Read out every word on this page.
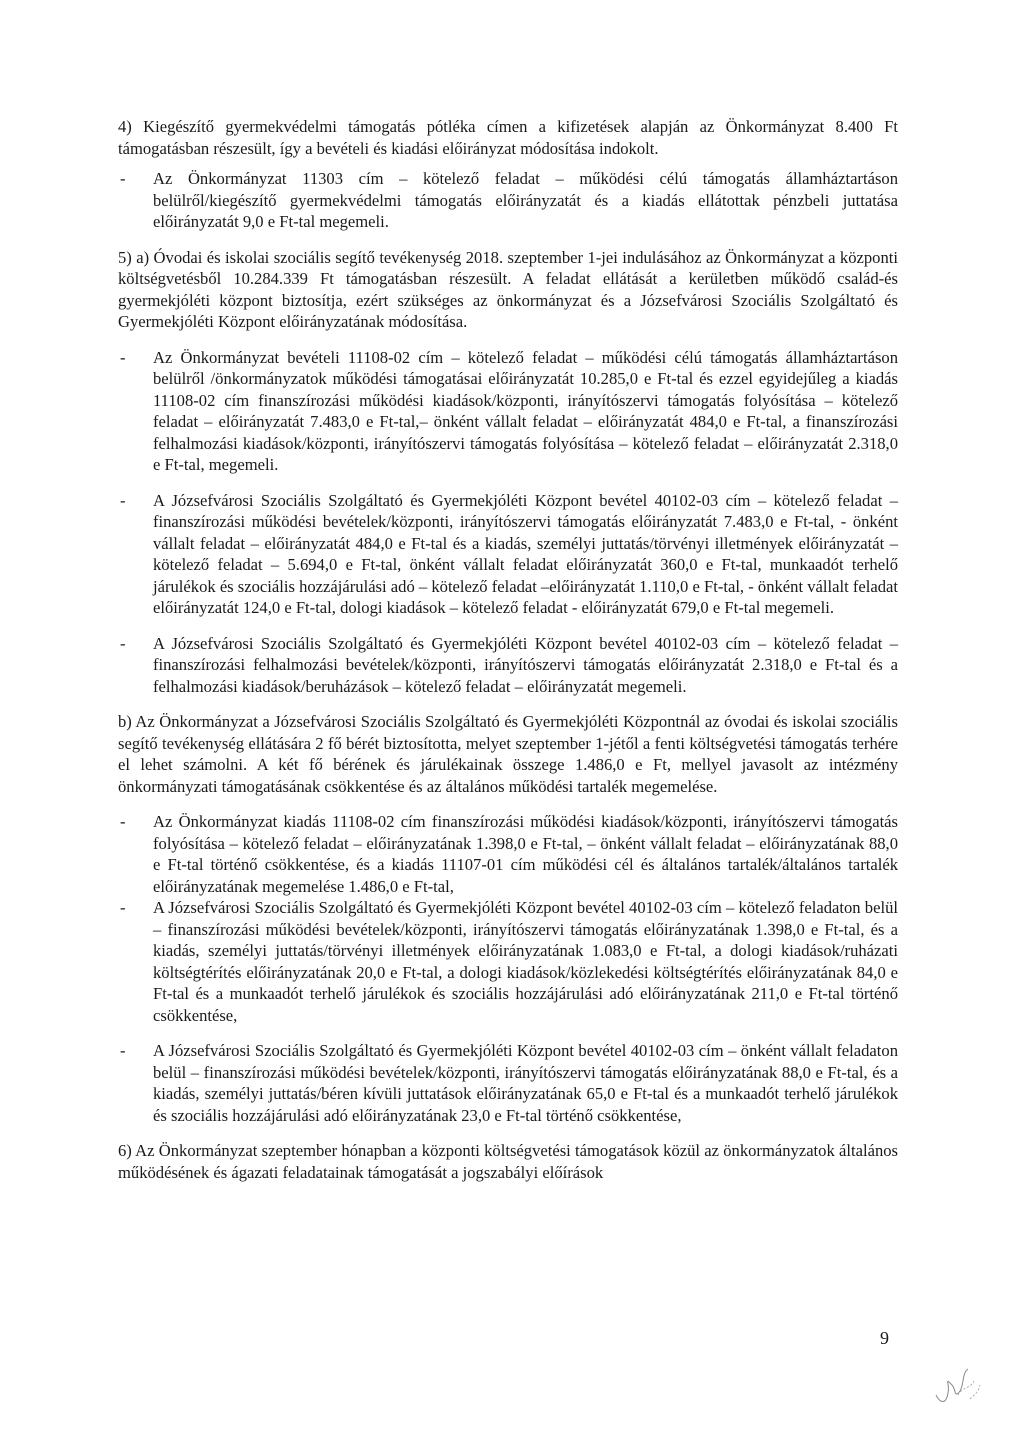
4) Kiegészítő gyermekvédelmi támogatás pótléka címen a kifizetések alapján az Önkormányzat 8.400 Ft támogatásban részesült, így a bevételi és kiadási előirányzat módosítása indokolt.

- Az Önkormányzat 11303 cím – kötelező feladat – működési célú támogatás államháztartáson belülről/kiegészítő gyermekvédelmi támogatás előirányzatát és a kiadás ellátottak pénzbeli juttatása előirányzatát 9,0 e Ft-tal megemeli.

5) a) Óvodai és iskolai szociális segítő tevékenység 2018. szeptember 1-jei indulásához az Önkormányzat a központi költségvetésből 10.284.339 Ft támogatásban részesült. A feladat ellátását a kerületben működő család-és gyermekjóléti központ biztosítja, ezért szükséges az önkormányzat és a Józsefvárosi Szociális Szolgáltató és Gyermekjóléti Központ előirányzatának módosítása.

- Az Önkormányzat bevételi 11108-02 cím – kötelező feladat – működési célú támogatás államháztartáson belülről /önkormányzatok működési támogatásai előirányzatát 10.285,0 e Ft-tal és ezzel egyidejűleg a kiadás 11108-02 cím finanszírozási működési kiadások/központi, irányítószervi támogatás folyósítása – kötelező feladat – előirányzatát 7.483,0 e Ft-tal,– önként vállalt feladat – előirányzatát 484,0 e Ft-tal, a finanszírozási felhalmozási kiadások/központi, irányítószervi támogatás folyósítása – kötelező feladat – előirányzatát 2.318,0 e Ft-tal, megemeli.

- A Józsefvárosi Szociális Szolgáltató és Gyermekjóléti Központ bevétel 40102-03 cím – kötelező feladat – finanszírozási működési bevételek/központi, irányítószervi támogatás előirányzatát 7.483,0 e Ft-tal, - önként vállalt feladat – előirányzatát 484,0 e Ft-tal és a kiadás, személyi juttatás/törvényi illetmények előirányzatát – kötelező feladat – 5.694,0 e Ft-tal, önként vállalt feladat előirányzatát 360,0 e Ft-tal, munkaadót terhelő járulékok és szociális hozzájárulási adó – kötelező feladat –előirányzatát 1.110,0 e Ft-tal, - önként vállalt feladat előirányzatát 124,0 e Ft-tal, dologi kiadások – kötelező feladat - előirányzatát 679,0 e Ft-tal megemeli.

- A Józsefvárosi Szociális Szolgáltató és Gyermekjóléti Központ bevétel 40102-03 cím – kötelező feladat – finanszírozási felhalmozási bevételek/központi, irányítószervi támogatás előirányzatát 2.318,0 e Ft-tal és a felhalmozási kiadások/beruházások – kötelező feladat – előirányzatát megemeli.

b) Az Önkormányzat a Józsefvárosi Szociális Szolgáltató és Gyermekjóléti Központnál az óvodai és iskolai szociális segítő tevékenység ellátására 2 fő bérét biztosította, melyet szeptember 1-jétől a fenti költségvetési támogatás terhére el lehet számolni. A két fő bérének és járulékainak összege 1.486,0 e Ft, mellyel javasolt az intézmény önkormányzati támogatásának csökkentése és az általános működési tartalék megemelése.

- Az Önkormányzat kiadás 11108-02 cím finanszírozási működési kiadások/központi, irányítószervi támogatás folyósítása – kötelező feladat – előirányzatának 1.398,0 e Ft-tal, – önként vállalt feladat – előirányzatának 88,0 e Ft-tal történő csökkentése, és a kiadás 11107-01 cím működési cél és általános tartalék/általános tartalék előirányzatának megemelése 1.486,0 e Ft-tal,

- A Józsefvárosi Szociális Szolgáltató és Gyermekjóléti Központ bevétel 40102-03 cím – kötelező feladaton belül – finanszírozási működési bevételek/központi, irányítószervi támogatás előirányzatának 1.398,0 e Ft-tal, és a kiadás, személyi juttatás/törvényi illetmények előirányzatának 1.083,0 e Ft-tal, a dologi kiadások/ruházati költségtérítés előirányzatának 20,0 e Ft-tal, a dologi kiadások/közlekedési költségtérítés előirányzatának 84,0 e Ft-tal és a munkaadót terhelő járulékok és szociális hozzájárulási adó előirányzatának 211,0 e Ft-tal történő csökkentése,

- A Józsefvárosi Szociális Szolgáltató és Gyermekjóléti Központ bevétel 40102-03 cím – önként vállalt feladaton belül – finanszírozási működési bevételek/központi, irányítószervi támogatás előirányzatának 88,0 e Ft-tal, és a kiadás, személyi juttatás/béren kívüli juttatások előirányzatának 65,0 e Ft-tal és a munkaadót terhelő járulékok és szociális hozzájárulási adó előirányzatának 23,0 e Ft-tal történő csökkentése,

6) Az Önkormányzat szeptember hónapban a központi költségvetési támogatások közül az önkormányzatok általános működésének és ágazati feladatainak támogatását a jogszabályi előírások

9
